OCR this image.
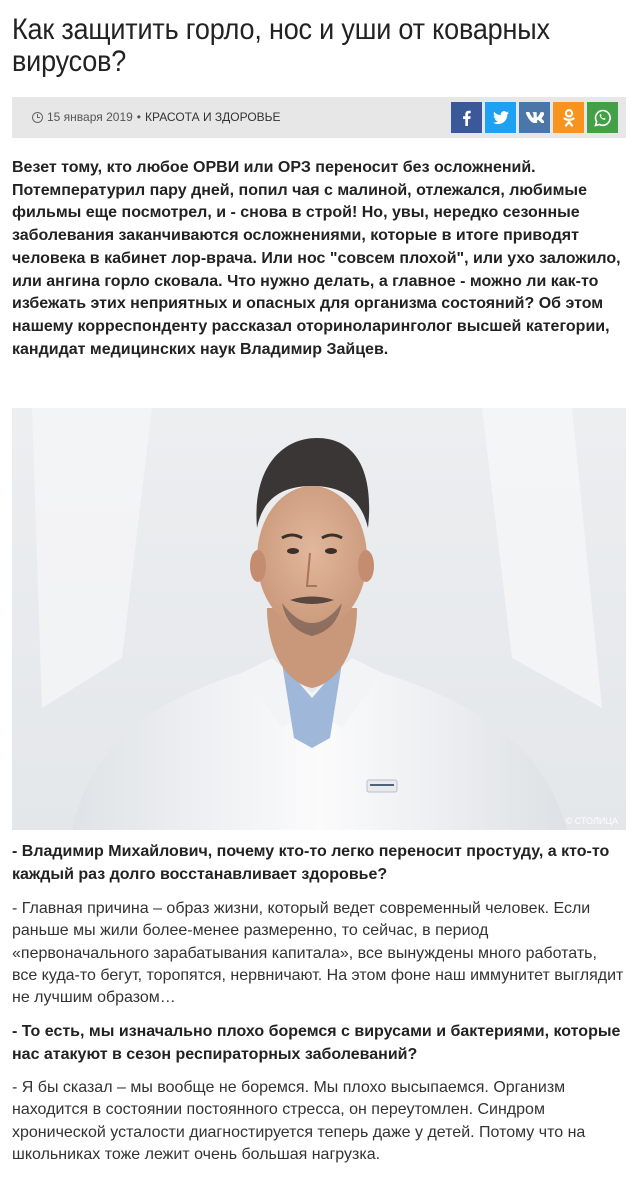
Как защитить горло, нос и уши от коварных вирусов?
15 января 2019 • КРАСОТА И ЗДОРОВЬЕ
Везет тому, кто любое ОРВИ или ОРЗ переносит без осложнений. Потемпературил пару дней, попил чая с малиной, отлежался, любимые фильмы еще посмотрел, и - снова в строй! Но, увы, нередко сезонные заболевания заканчиваются осложнениями, которые в итоге приводят человека в кабинет лор-врача. Или нос "совсем плохой", или ухо заложило, или ангина горло сковала. Что нужно делать, а главное - можно ли как-то избежать этих неприятных и опасных для организма состояний? Об этом нашему корреспонденту рассказал оториноларинголог высшей категории, кандидат медицинских наук Владимир Зайцев.
© СТОЛИЦА
- Владимир Михайлович, почему кто-то легко переносит простуду, а кто-то каждый раз долго восстанавливает здоровье?
- Главная причина – образ жизни, который ведет современный человек. Если раньше мы жили более-менее размеренно, то сейчас, в период «первоначального зарабатывания капитала», все вынуждены много работать, все куда-то бегут, торопятся, нервничают. На этом фоне наш иммунитет выглядит не лучшим образом…
- То есть, мы изначально плохо боремся с вирусами и бактериями, которые нас атакуют в сезон респираторных заболеваний?
- Я бы сказал – мы вообще не боремся. Мы плохо высыпаемся. Организм находится в состоянии постоянного стресса, он переутомлен. Синдром хронической усталости диагностируется теперь даже у детей. Потому что на школьниках тоже лежит очень большая нагрузка.
